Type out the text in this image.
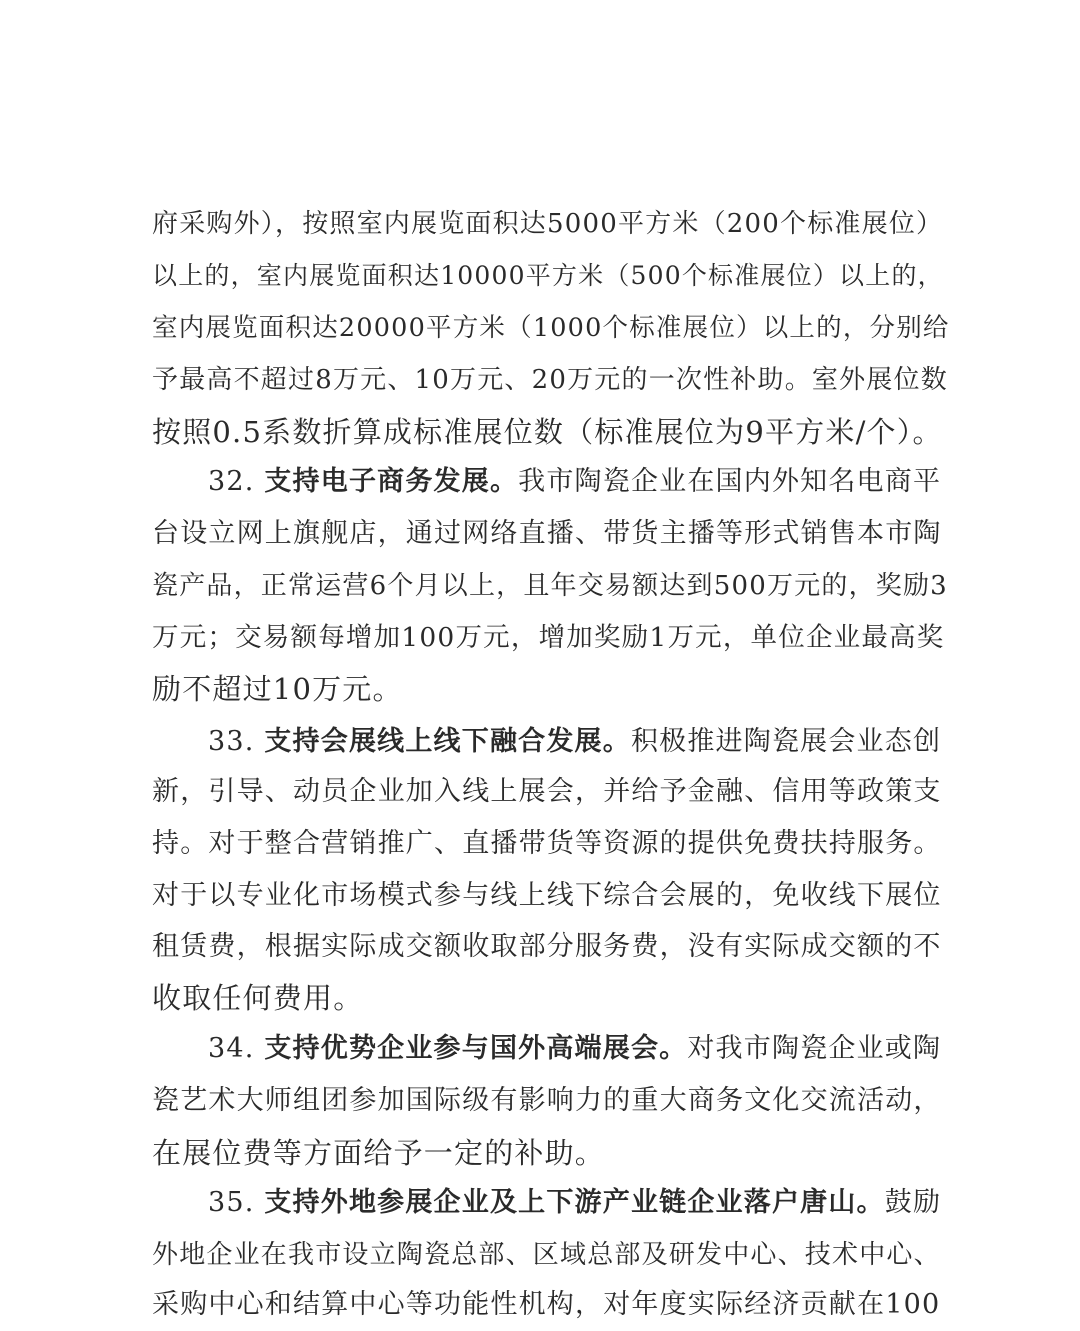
府采购外），按照室内展览面积达5000平方米（200个标准展位）
以上的，室内展览面积达10000平方米（500个标准展位）以上的，
室内展览面积达20000平方米（1000个标准展位）以上的，分别给
予最高不超过8万元、10万元、20万元的一次性补助。室外展位数
按照0.5系数折算成标准展位数（标准展位为9平方米/个）。
32. 支持电子商务发展。我市陶瓷企业在国内外知名电商平
台设立网上旗舰店，通过网络直播、带货主播等形式销售本市陶
瓷产品，正常运营6个月以上，且年交易额达到500万元的，奖励3
万元；交易额每增加100万元，增加奖励1万元，单位企业最高奖
励不超过10万元。
33. 支持会展线上线下融合发展。积极推进陶瓷展会业态创
新，引导、动员企业加入线上展会，并给予金融、信用等政策支
持。对于整合营销推广、直播带货等资源的提供免费扶持服务。
对于以专业化市场模式参与线上线下综合会展的，免收线下展位
租赁费，根据实际成交额收取部分服务费，没有实际成交额的不
收取任何费用。
34. 支持优势企业参与国外高端展会。对我市陶瓷企业或陶
瓷艺术大师组团参加国际级有影响力的重大商务文化交流活动，
在展位费等方面给予一定的补助。
35. 支持外地参展企业及上下游产业链企业落户唐山。鼓励
外地企业在我市设立陶瓷总部、区域总部及研发中心、技术中心、
采购中心和结算中心等功能性机构，对年度实际经济贡献在100
